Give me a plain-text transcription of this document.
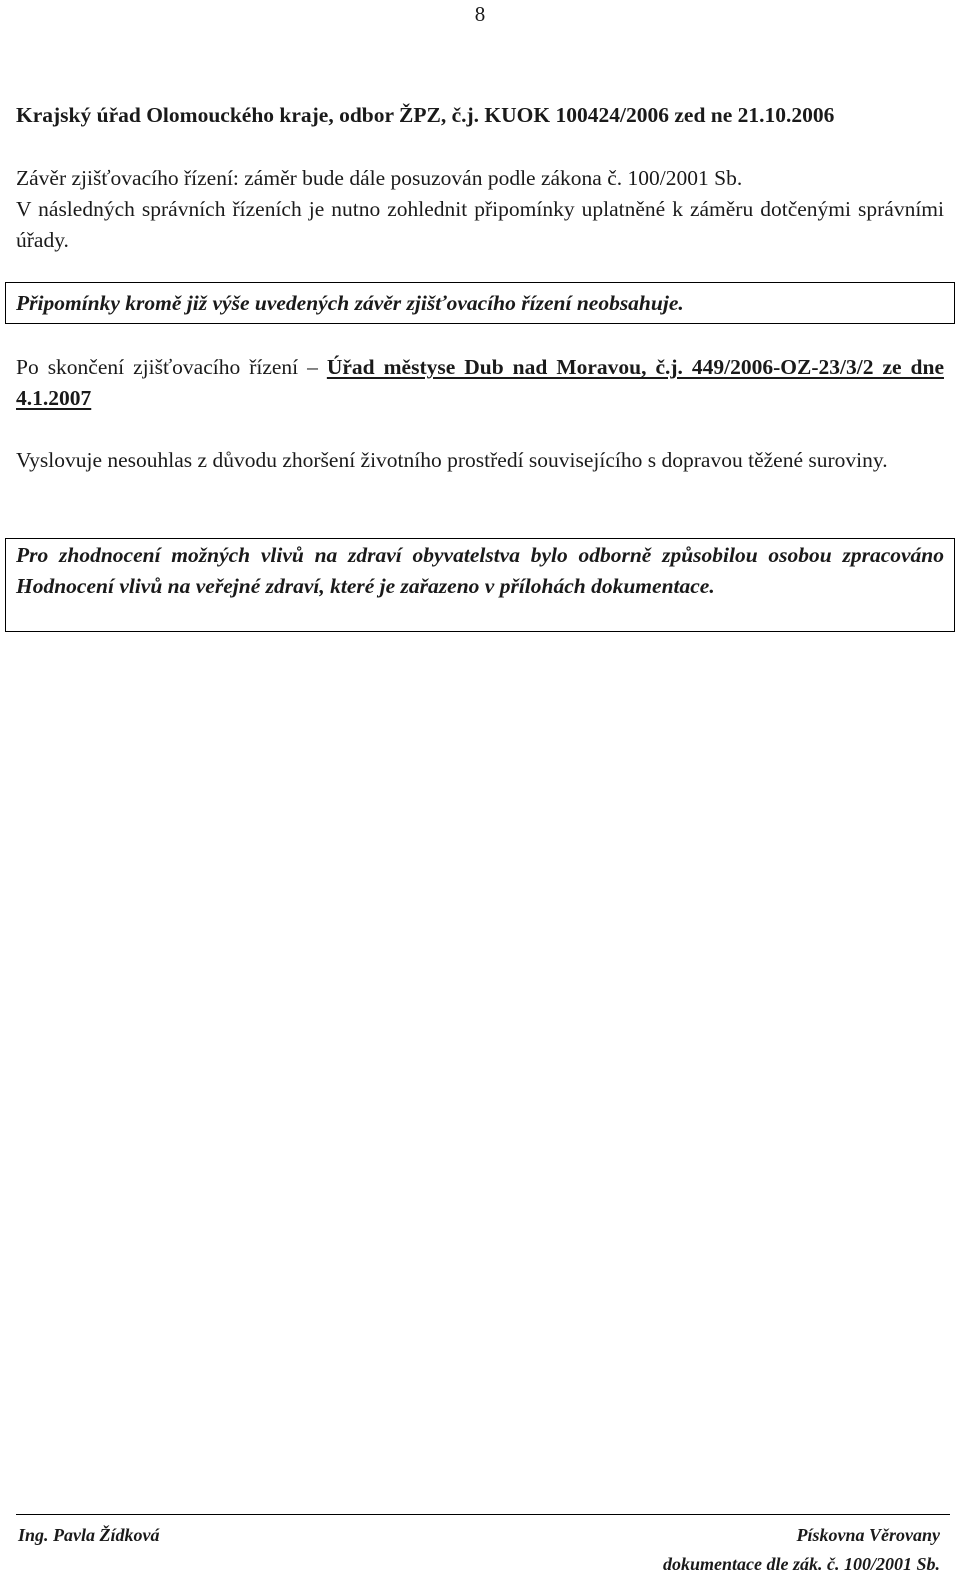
8

Krajský úřad Olomouckého kraje, odbor ŽPZ, č.j. KUOK 100424/2006 zed ne 21.10.2006

Závěr zjišťovacího řízení: záměr bude dále posuzován podle zákona č. 100/2001 Sb.

V následných správních řízeních je nutno zohlednit připomínky uplatněné k záměru dotčenými správními úřady.

Připomínky kromě již výše uvedených závěr zjišťovacího řízení neobsahuje.

Po skončení zjišťovacího řízení – Úřad městyse Dub nad Moravou, č.j. 449/2006-OZ-23/3/2 ze dne 4.1.2007

Vyslovuje nesouhlas z důvodu zhoršení životního prostředí souvisejícího s dopravou těžené suroviny.

Pro zhodnocení možných vlivů na zdraví obyvatelstva bylo odborně způsobilou osobou zpracováno Hodnocení vlivů na veřejné zdraví, které je zařazeno v přílohách dokumentace.

Ing. Pavla Žídková	Pískovna Věrovany
dokumentace dle zák. č. 100/2001 Sb.
